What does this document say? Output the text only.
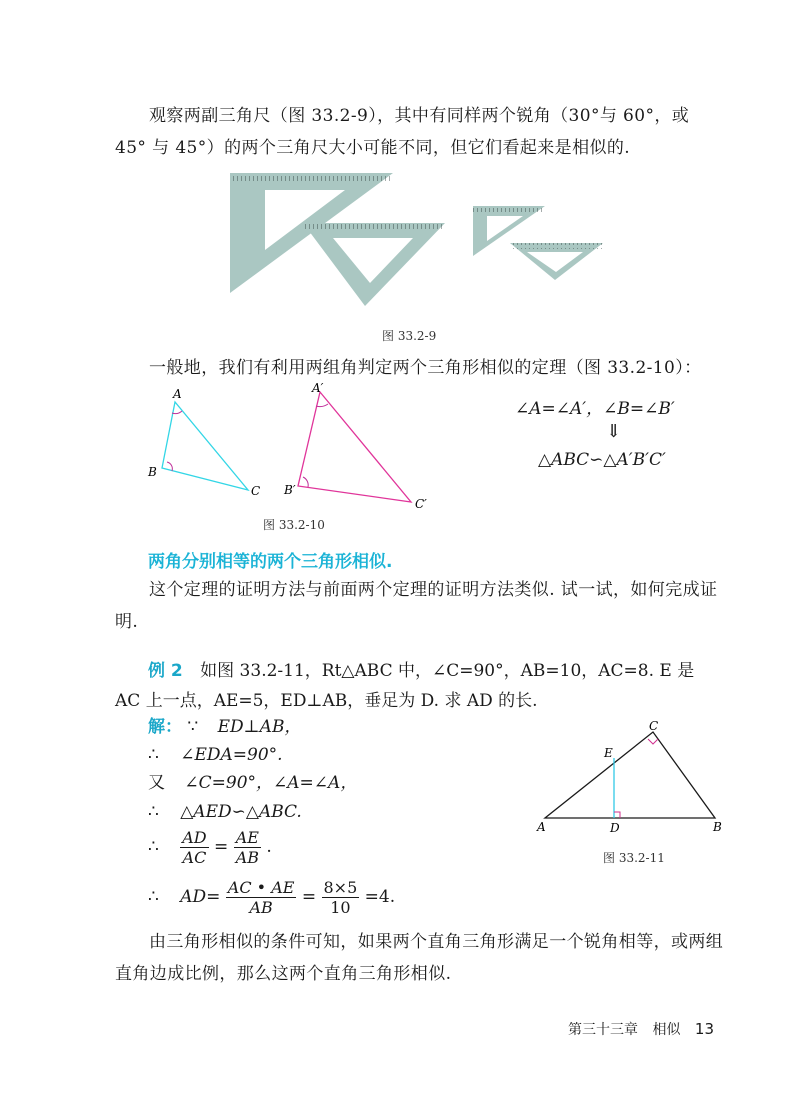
观察两副三角尺（图 33.2-9），其中有同样两个锐角（30°与 60°，或 45° 与 45°）的两个三角尺大小可能不同，但它们看起来是相似的.
图 33.2-9
一般地，我们有利用两组角判定两个三角形相似的定理（图 33.2-10）：
A
B
C
A′
B′
C′
图 33.2-10
∠A=∠A′，∠B=∠B′
⇓
△ABC∽△A′B′C′
两角分别相等的两个三角形相似.
这个定理的证明方法与前面两个定理的证明方法类似. 试一试，如何完成证明.
例 2 如图 33.2-11，Rt△ABC 中，∠C=90°，AB=10，AC=8. E 是
AC 上一点，AE=5，ED⊥AB，垂足为 D. 求 AD 的长.
解： ∵ ED⊥AB，
∴ ∠EDA=90°.
又 ∠C=90°，∠A=∠A，
∴ △AED∽△ABC.
∴ $\frac{AD}{AC} = \frac{AE}{AB}$ .
∴ $AD= \frac{AC • AE}{AB} = \frac{8\times 5}{10} =4$.
A	B
C
D
E
图 33.2-11
由三角形相似的条件可知，如果两个直角三角形满足一个锐角相等，或两组直角边成比例，那么这两个直角三角形相似.
第三十三章 相似 13
